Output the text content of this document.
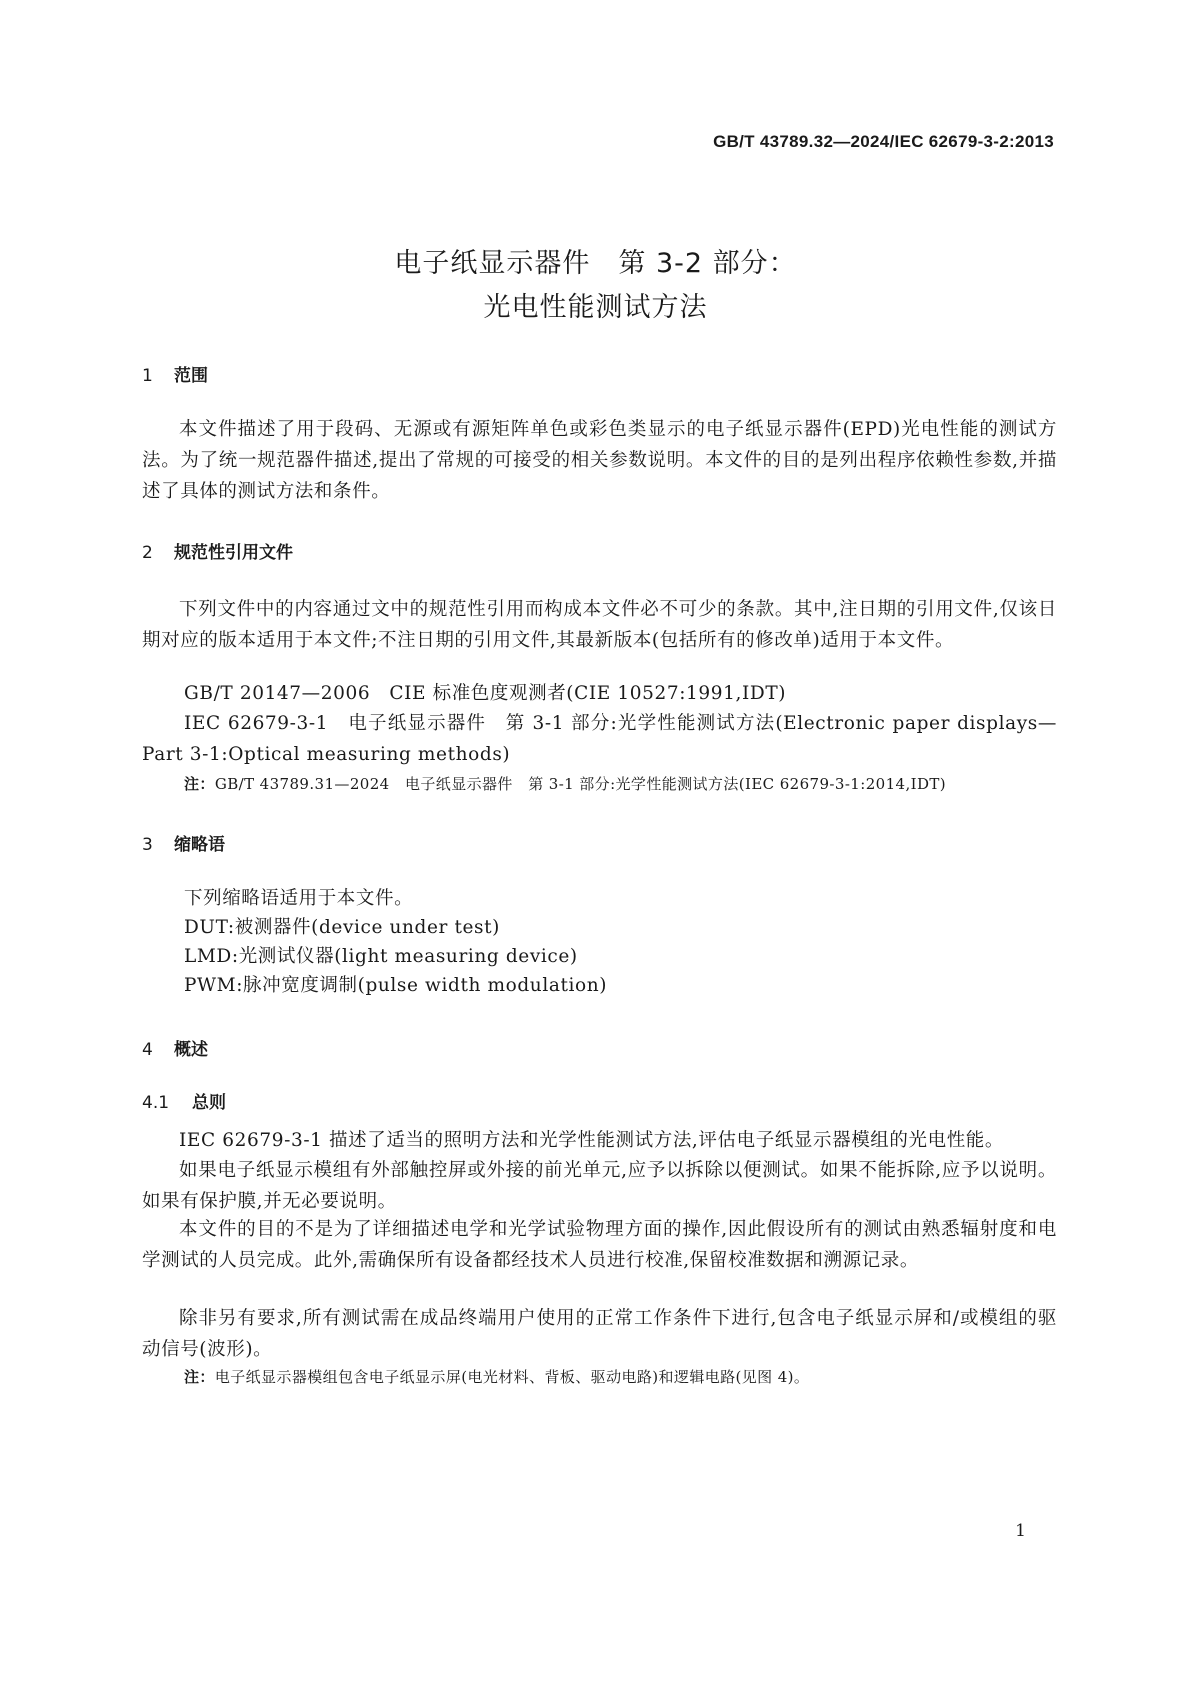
GB/T 43789.32—2024/IEC 62679-3-2:2013
电子纸显示器件　第 3-2 部分：
光电性能测试方法
1 范围
本文件描述了用于段码、无源或有源矩阵单色或彩色类显示的电子纸显示器件(EPD)光电性能的测试方法。为了统一规范器件描述,提出了常规的可接受的相关参数说明。本文件的目的是列出程序依赖性参数,并描述了具体的测试方法和条件。
2 规范性引用文件
下列文件中的内容通过文中的规范性引用而构成本文件必不可少的条款。其中,注日期的引用文件,仅该日期对应的版本适用于本文件;不注日期的引用文件,其最新版本(包括所有的修改单)适用于本文件。
GB/T 20147—2006　CIE 标准色度观测者(CIE 10527:1991,IDT)
IEC 62679-3-1　电子纸显示器件　第 3-1 部分:光学性能测试方法(Electronic paper displays—Part 3-1:Optical measuring methods)
注：GB/T 43789.31—2024　电子纸显示器件　第 3-1 部分:光学性能测试方法(IEC 62679-3-1:2014,IDT)
3 缩略语
下列缩略语适用于本文件。
DUT:被测器件(device under test)
LMD:光测试仪器(light measuring device)
PWM:脉冲宽度调制(pulse width modulation)
4 概述
4.1 总则
IEC 62679-3-1 描述了适当的照明方法和光学性能测试方法,评估电子纸显示器模组的光电性能。
如果电子纸显示模组有外部触控屏或外接的前光单元,应予以拆除以便测试。如果不能拆除,应予以说明。如果有保护膜,并无必要说明。
本文件的目的不是为了详细描述电学和光学试验物理方面的操作,因此假设所有的测试由熟悉辐射度和电学测试的人员完成。此外,需确保所有设备都经技术人员进行校准,保留校准数据和溯源记录。
除非另有要求,所有测试需在成品终端用户使用的正常工作条件下进行,包含电子纸显示屏和/或模组的驱动信号(波形)。
注：电子纸显示器模组包含电子纸显示屏(电光材料、背板、驱动电路)和逻辑电路(见图 4)。
1
